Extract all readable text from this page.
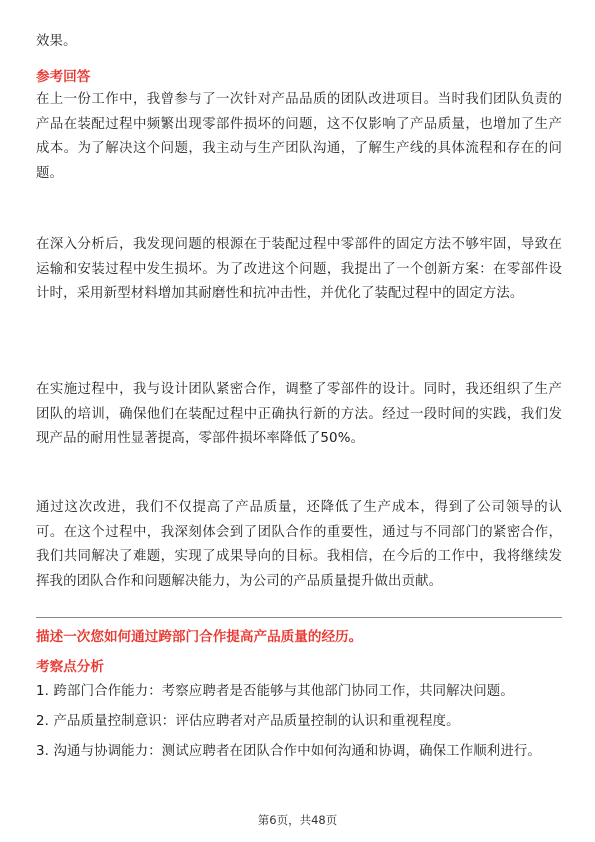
效果。

参考回答

在上一份工作中，我曾参与了一次针对产品品质的团队改进项目。当时我们团队负责的产品在装配过程中频繁出现零部件损坏的问题，这不仅影响了产品质量，也增加了生产成本。为了解决这个问题，我主动与生产团队沟通，了解生产线的具体流程和存在的问题。

在深入分析后，我发现问题的根源在于装配过程中零部件的固定方法不够牢固，导致在运输和安装过程中发生损坏。为了改进这个问题，我提出了一个创新方案：在零部件设计时，采用新型材料增加其耐磨性和抗冲击性，并优化了装配过程中的固定方法。

在实施过程中，我与设计团队紧密合作，调整了零部件的设计。同时，我还组织了生产团队的培训，确保他们在装配过程中正确执行新的方法。经过一段时间的实践，我们发现产品的耐用性显著提高，零部件损坏率降低了50%。

通过这次改进，我们不仅提高了产品质量，还降低了生产成本，得到了公司领导的认可。在这个过程中，我深刻体会到了团队合作的重要性，通过与不同部门的紧密合作，我们共同解决了难题，实现了成果导向的目标。我相信，在今后的工作中，我将继续发挥我的团队合作和问题解决能力，为公司的产品质量提升做出贡献。

描述一次您如何通过跨部门合作提高产品质量的经历。

考察点分析

1. 跨部门合作能力：考察应聘者是否能够与其他部门协同工作，共同解决问题。

2. 产品质量控制意识：评估应聘者对产品质量控制的认识和重视程度。

3. 沟通与协调能力：测试应聘者在团队合作中如何沟通和协调，确保工作顺利进行。

第6页，共48页
